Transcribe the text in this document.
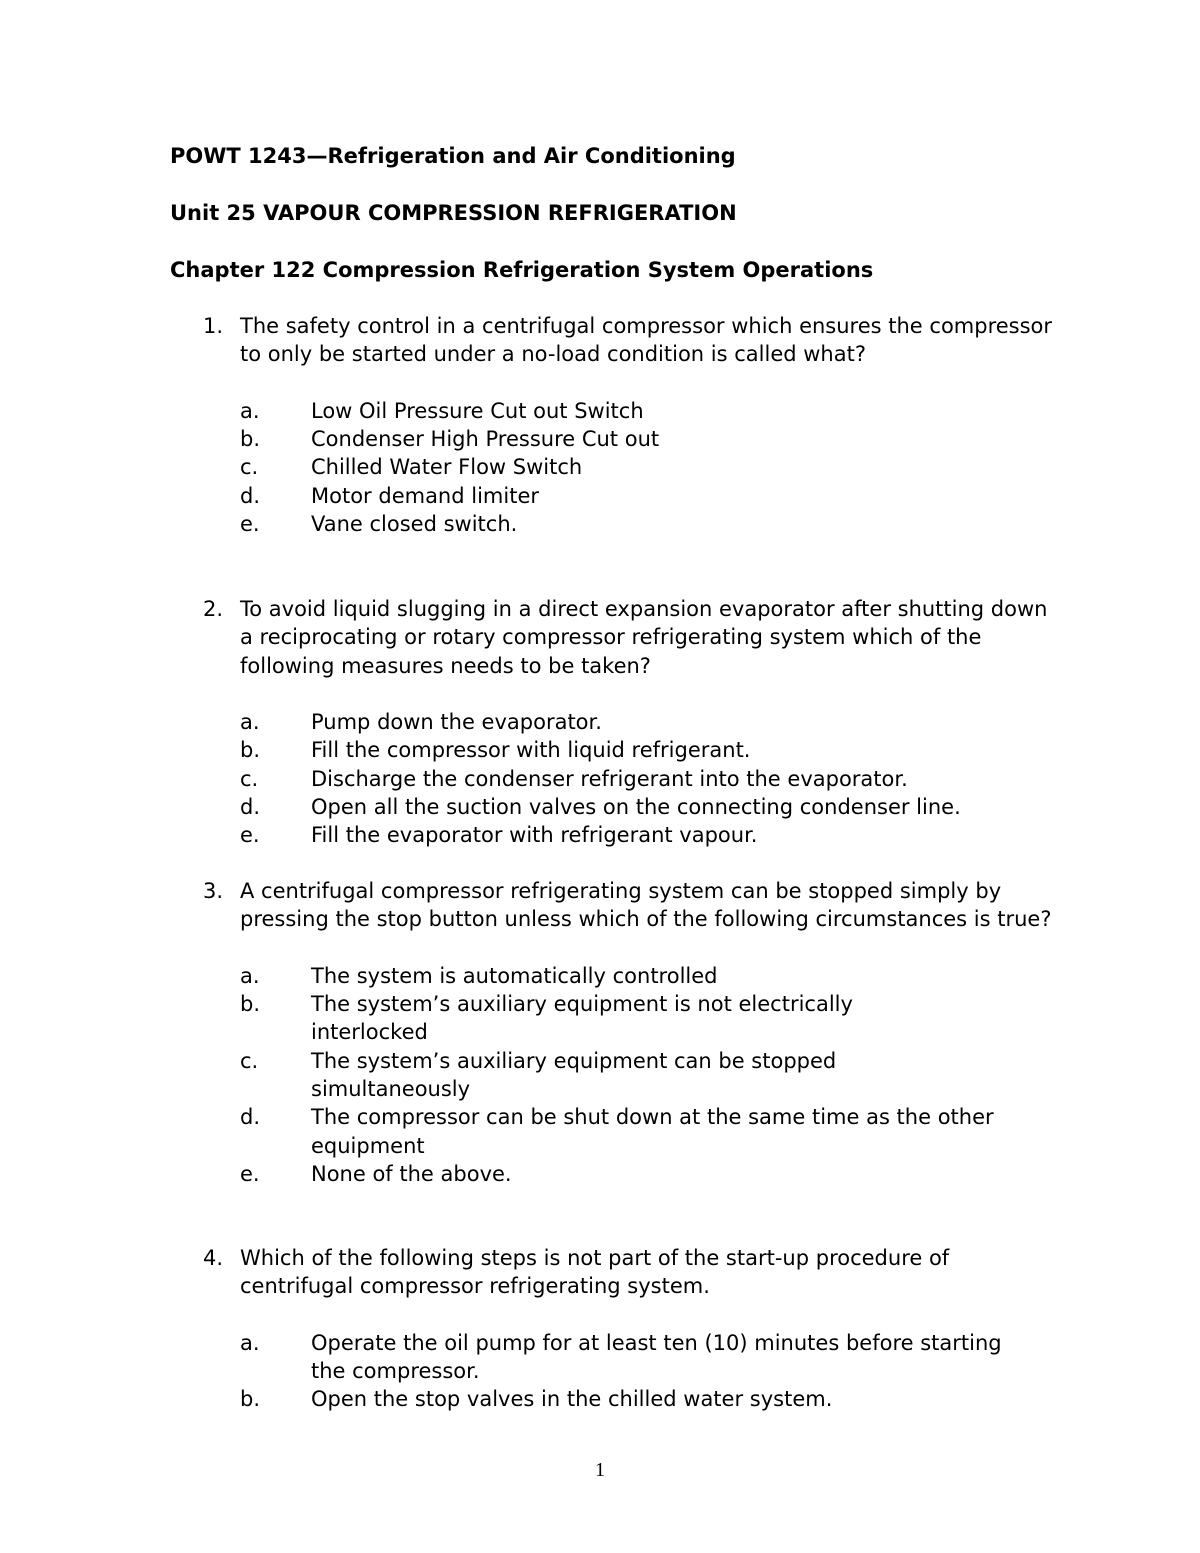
POWT 1243—Refrigeration and Air Conditioning
Unit 25 VAPOUR COMPRESSION REFRIGERATION
Chapter 122 Compression Refrigeration System Operations
1. The safety control in a centrifugal compressor which ensures the compressor to only be started under a no-load condition is called what?
a. Low Oil Pressure Cut out Switch
b. Condenser High Pressure Cut out
c.	Chilled Water Flow Switch
d. Motor demand limiter
e. Vane closed switch.
2. To avoid liquid slugging in a direct expansion evaporator after shutting down a reciprocating or rotary compressor refrigerating system which of the following measures needs to be taken?
a. Pump down the evaporator.
b. Fill the compressor with liquid refrigerant.
c.	Discharge the condenser refrigerant into the evaporator.
d. Open all the suction valves on the connecting condenser line.
e. Fill the evaporator with refrigerant vapour.
3. A centrifugal compressor refrigerating system can be stopped simply by pressing the stop button unless which of the following circumstances is true?
a. The system is automatically controlled
b. The system’s auxiliary equipment is not electrically interlocked
c.	The system’s auxiliary equipment can be stopped simultaneously
d. The compressor can be shut down at the same time as the other equipment
e. None of the above.
4. Which of the following steps is not part of the start-up procedure of centrifugal compressor refrigerating system.
a. Operate the oil pump for at least ten (10) minutes before starting the compressor.
b. Open the stop valves in the chilled water system.
1
